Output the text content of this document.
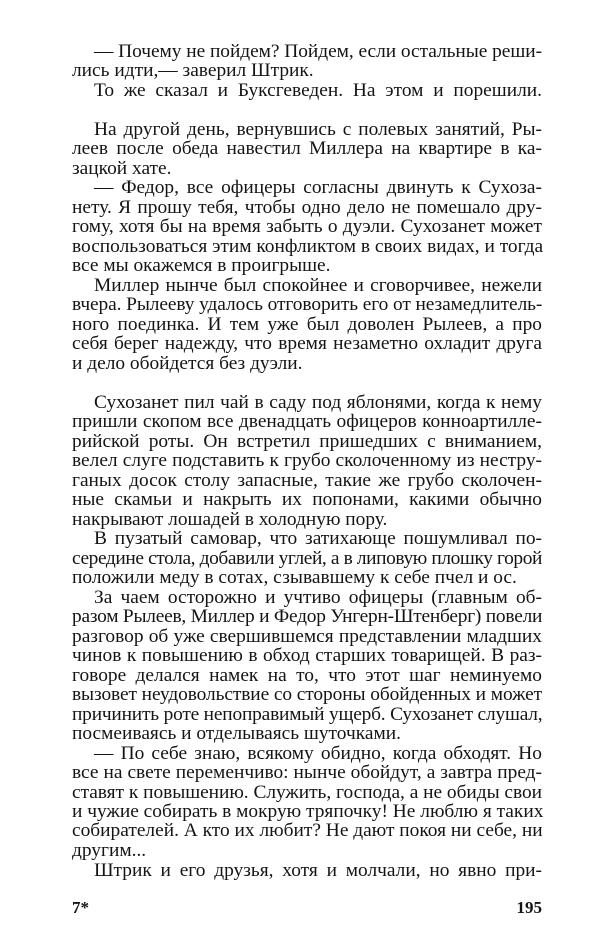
— Почему не пойдем? Пойдем, если остальные реши-
лись идти,— заверил Штрик.
То же сказал и Буксгеведен. На этом и порешили.
На другой день, вернувшись с полевых занятий, Ры-
леев после обеда навестил Миллера на квартире в ка-
зацкой хате.
— Федор, все офицеры согласны двинуть к Сухоза-
нету. Я прошу тебя, чтобы одно дело не помешало дру-
гому, хотя бы на время забыть о дуэли. Сухозанет может
воспользоваться этим конфликтом в своих видах, и тогда
все мы окажемся в проигрыше.
Миллер нынче был спокойнее и сговорчивее, нежели
вчера. Рылееву удалось отговорить его от незамедлитель-
ного поединка. И тем уже был доволен Рылеев, а про
себя берег надежду, что время незаметно охладит друга
и дело обойдется без дуэли.
Сухозанет пил чай в саду под яблонями, когда к нему
пришли скопом все двенадцать офицеров конноартилле-
рийской роты. Он встретил пришедших с вниманием,
велел слуге подставить к грубо сколоченному из нестру-
ганых досок столу запасные, такие же грубо сколочен-
ные скамьи и накрыть их попонами, какими обычно
накрывают лошадей в холодную пору.
В пузатый самовар, что затихающе пошумливал по-
середине стола, добавили углей, а в липовую плошку горой
положили меду в сотах, сзывавшему к себе пчел и ос.
За чаем осторожно и учтиво офицеры (главным об-
разом Рылеев, Миллер и Федор Унгерн-Штенберг) повели
разговор об уже свершившемся представлении младших
чинов к повышению в обход старших товарищей. В раз-
говоре делался намек на то, что этот шаг неминуемо
вызовет неудовольствие со стороны обойденных и может
причинить роте непоправимый ущерб. Сухозанет слушал,
посмеиваясь и отделываясь шуточками.
— По себе знаю, всякому обидно, когда обходят. Но
все на свете переменчиво: нынче обойдут, а завтра пред-
ставят к повышению. Служить, господа, а не обиды свои
и чужие собирать в мокрую тряпочку! Не люблю я таких
собирателей. А кто их любит? Не дают покоя ни себе, ни
другим...
Штрик и его друзья, хотя и молчали, но явно при-
7*	195
